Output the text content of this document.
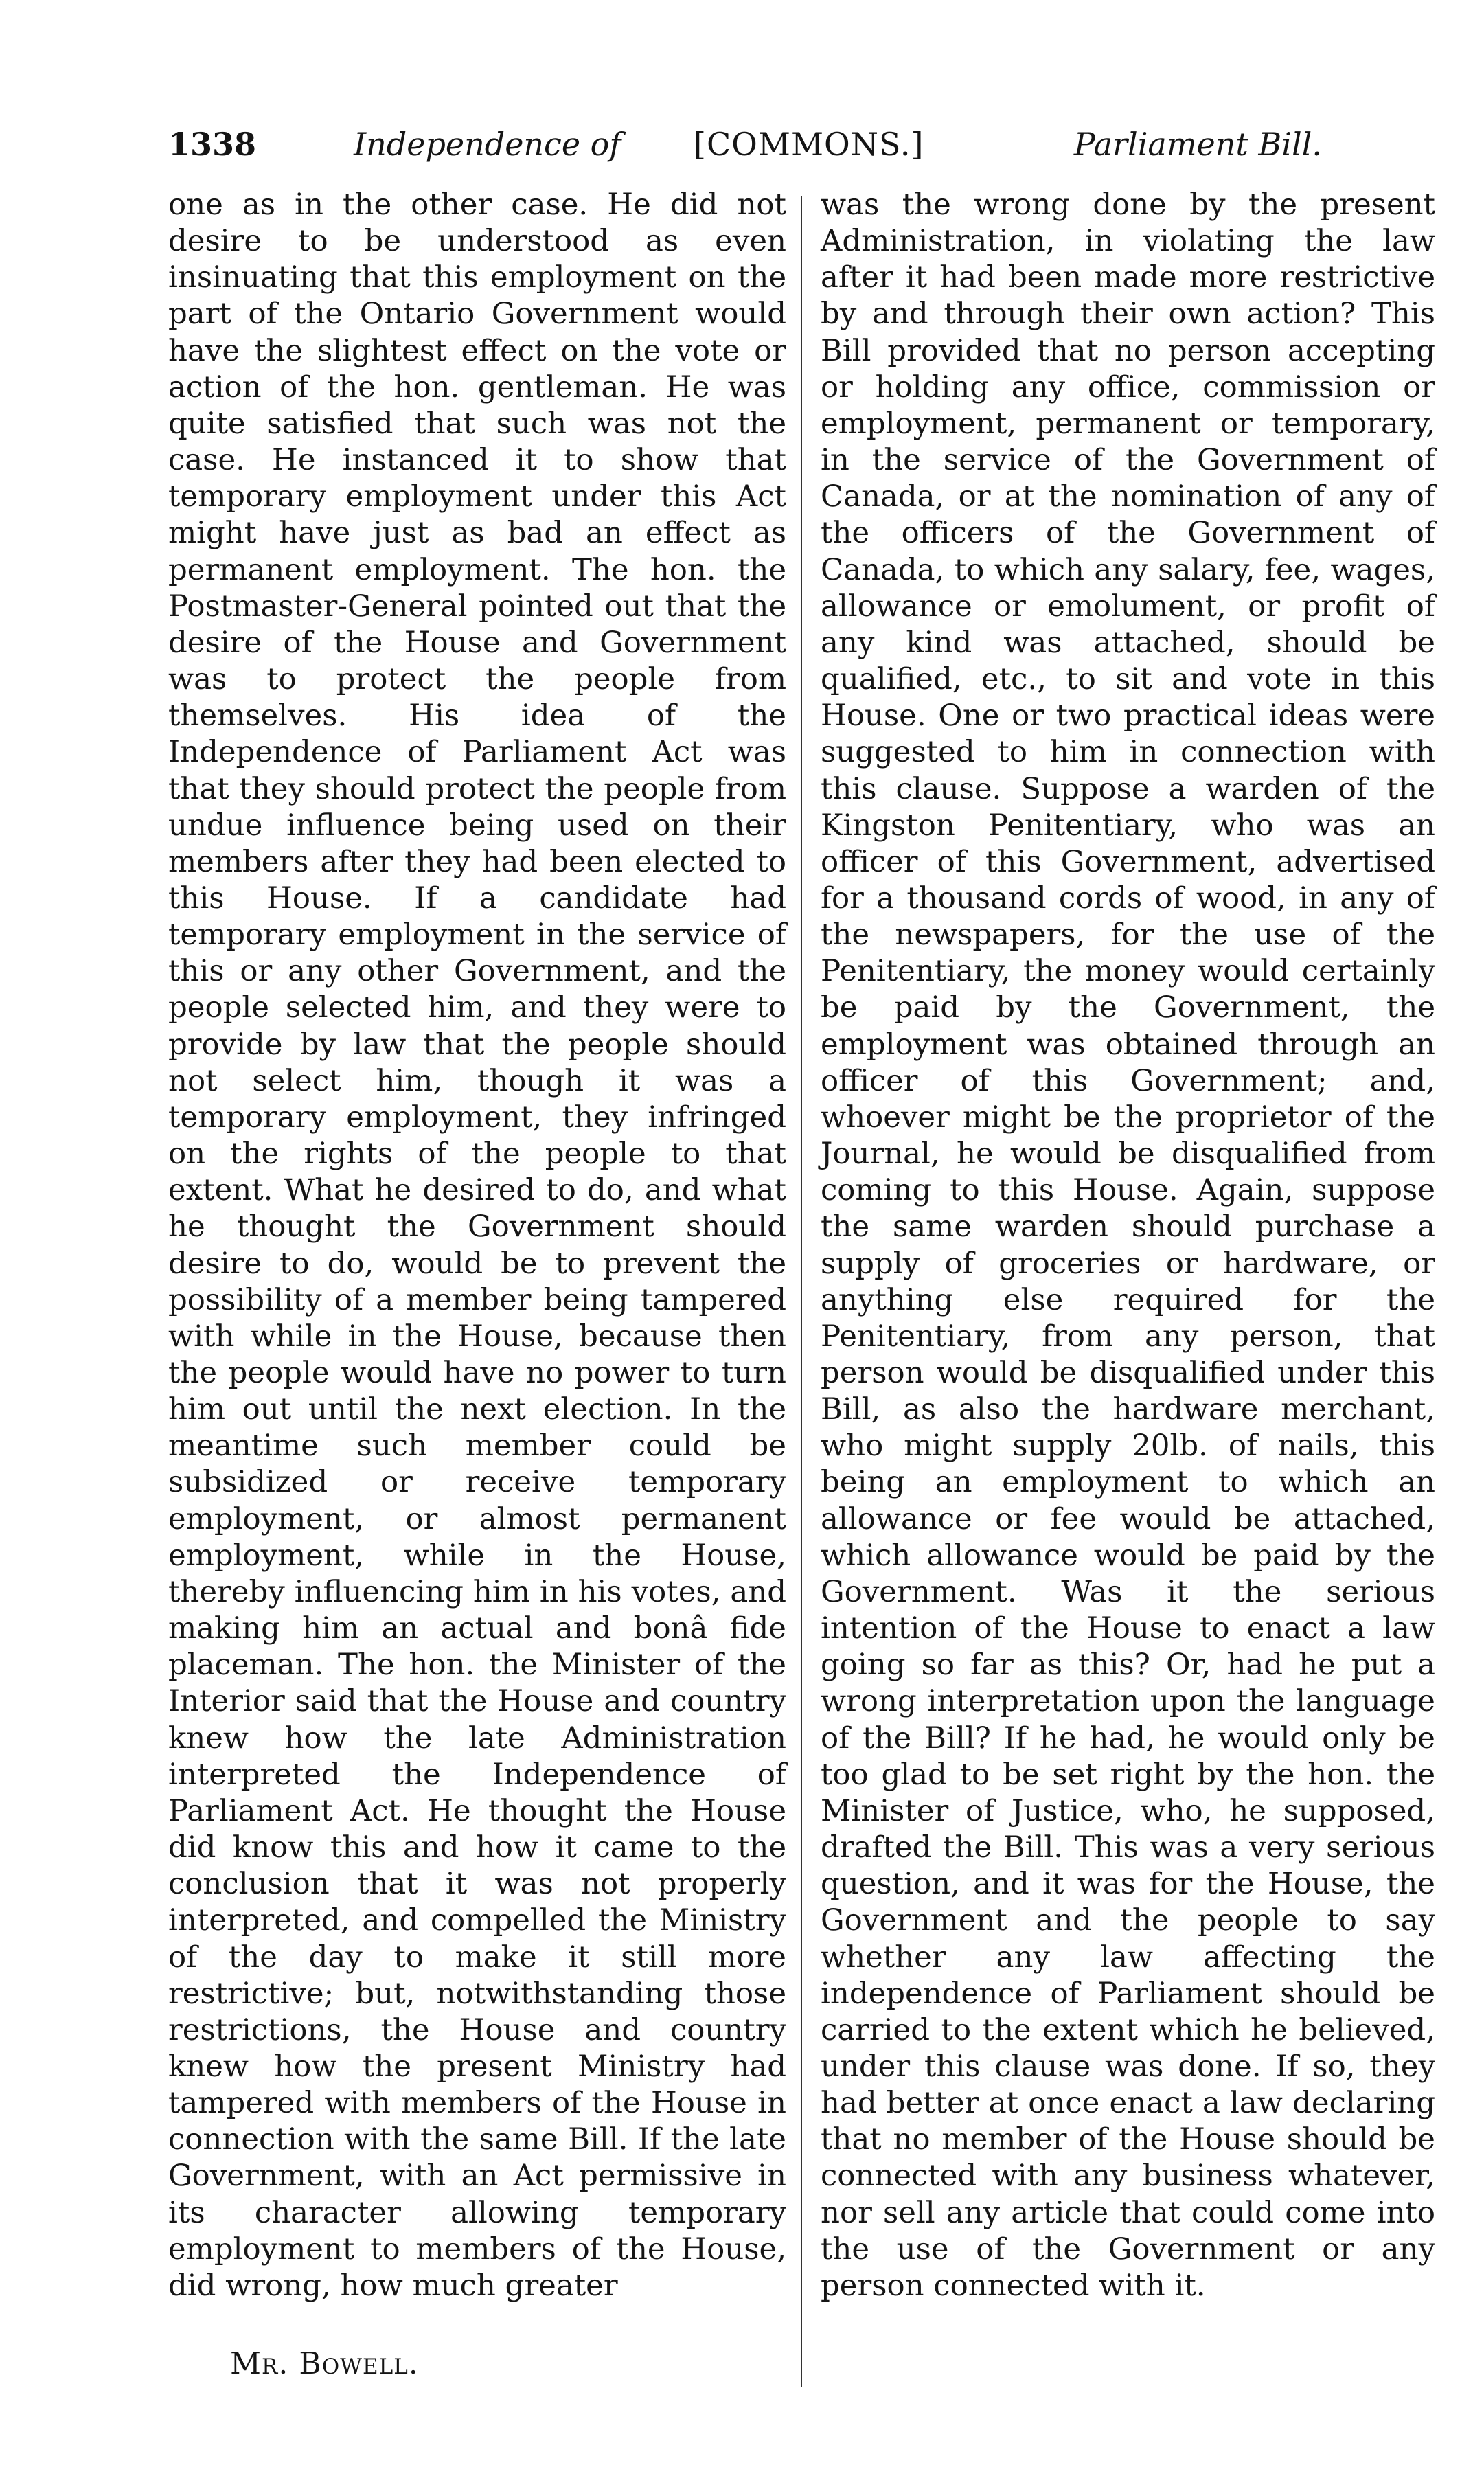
1338	Independence of [COMMONS.]	Parliament Bill.

one as in the other case. He did not desire to be understood as even insinuating that this employment on the part of the Ontario Government would have the slightest effect on the vote or action of the hon. gentleman. He was quite satisfied that such was not the case. He instanced it to show that temporary employment under this Act might have just as bad an effect as permanent employment. The hon. the Postmaster-General pointed out that the desire of the House and Government was to protect the people from themselves. His idea of the Independence of Parliament Act was that they should protect the people from undue influence being used on their members after they had been elected to this House. If a candidate had temporary employment in the service of this or any other Government, and the people selected him, and they were to provide by law that the people should not select him, though it was a temporary employment, they infringed on the rights of the people to that extent. What he desired to do, and what he thought the Government should desire to do, would be to prevent the possibility of a member being tampered with while in the House, because then the people would have no power to turn him out until the next election. In the meantime such member could be subsidized or receive temporary employment, or almost permanent employment, while in the House, thereby influencing him in his votes, and making him an actual and bonâ fide placeman. The hon. the Minister of the Interior said that the House and country knew how the late Administration interpreted the Independence of Parliament Act. He thought the House did know this and how it came to the conclusion that it was not properly interpreted, and compelled the Ministry of the day to make it still more restrictive; but, notwithstanding those restrictions, the House and country knew how the present Ministry had tampered with members of the House in connection with the same Bill. If the late Government, with an Act permissive in its character allowing temporary employment to members of the House, did wrong, how much greater

was the wrong done by the present Administration, in violating the law after it had been made more restrictive by and through their own action? This Bill provided that no person accepting or holding any office, commission or employment, permanent or temporary, in the service of the Government of Canada, or at the nomination of any of the officers of the Government of Canada, to which any salary, fee, wages, allowance or emolument, or profit of any kind was attached, should be qualified, etc., to sit and vote in this House. One or two practical ideas were suggested to him in connection with this clause. Suppose a warden of the Kingston Penitentiary, who was an officer of this Government, advertised for a thousand cords of wood, in any of the newspapers, for the use of the Penitentiary, the money would certainly be paid by the Government, the employment was obtained through an officer of this Government; and, whoever might be the proprietor of the Journal, he would be disqualified from coming to this House. Again, suppose the same warden should purchase a supply of groceries or hardware, or anything else required for the Penitentiary, from any person, that person would be disqualified under this Bill, as also the hardware merchant, who might supply 20lb. of nails, this being an employment to which an allowance or fee would be attached, which allowance would be paid by the Government. Was it the serious intention of the House to enact a law going so far as this? Or, had he put a wrong interpretation upon the language of the Bill? If he had, he would only be too glad to be set right by the hon. the Minister of Justice, who, he supposed, drafted the Bill. This was a very serious question, and it was for the House, the Government and the people to say whether any law affecting the independence of Parliament should be carried to the extent which he believed, under this clause was done. If so, they had better at once enact a law declaring that no member of the House should be connected with any business whatever, nor sell any article that could come into the use of the Government or any person connected with it.

Mr. Bowell.
